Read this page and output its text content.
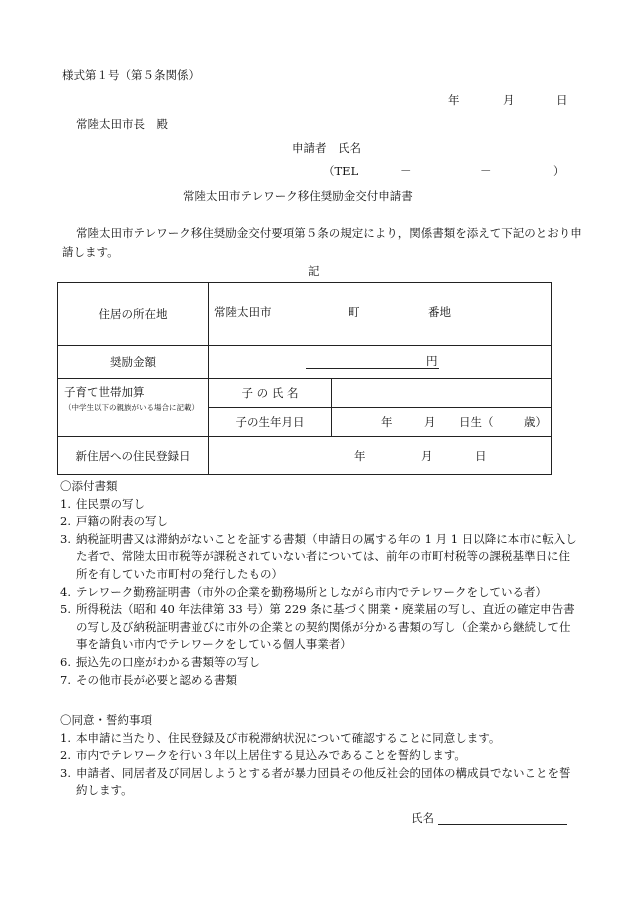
様式第１号（第５条関係）
年	月	日
常陸太田市長　殿
申請者　氏名
（TEL	－	－	）
常陸太田市テレワーク移住奨励金交付申請書
常陸太田市テレワーク移住奨励金交付要項第５条の規定により，関係書類を添えて下記のとおり申請します。
記
住居の所在地	常陸太田市 町 番地	

奨励金額	円	

子育て世帯加算
（中学生以下の親族がいる場合に記載）	子 の 氏 名	
	子の生年月日	年 月 日生（ 歳）

新住居への住民登録日	年 月 日	
〇添付書類
1. 住民票の写し
2. 戸籍の附表の写し
3. 納税証明書又は滞納がないことを証する書類（申請日の属する年の 1 月 1 日以降に本市に転入した者で、常陸太田市税等が課税されていない者については、前年の市町村税等の課税基準日に住所を有していた市町村の発行したもの）
4. テレワーク勤務証明書（市外の企業を勤務場所としながら市内でテレワークをしている者）
5. 所得税法（昭和 40 年法律第 33 号）第 229 条に基づく開業・廃業届の写し、直近の確定申告書の写し及び納税証明書並びに市外の企業との契約関係が分かる書類の写し（企業から継続して仕事を請負い市内でテレワークをしている個人事業者）
6. 振込先の口座がわかる書類等の写し
7. その他市長が必要と認める書類
〇同意・誓約事項
1. 本申請に当たり、住民登録及び市税滞納状況について確認することに同意します。
2. 市内でテレワークを行い３年以上居住する見込みであることを誓約します。
3. 申請者、同居者及び同居しようとする者が暴力団員その他反社会的団体の構成員でないことを誓約します。
氏名
